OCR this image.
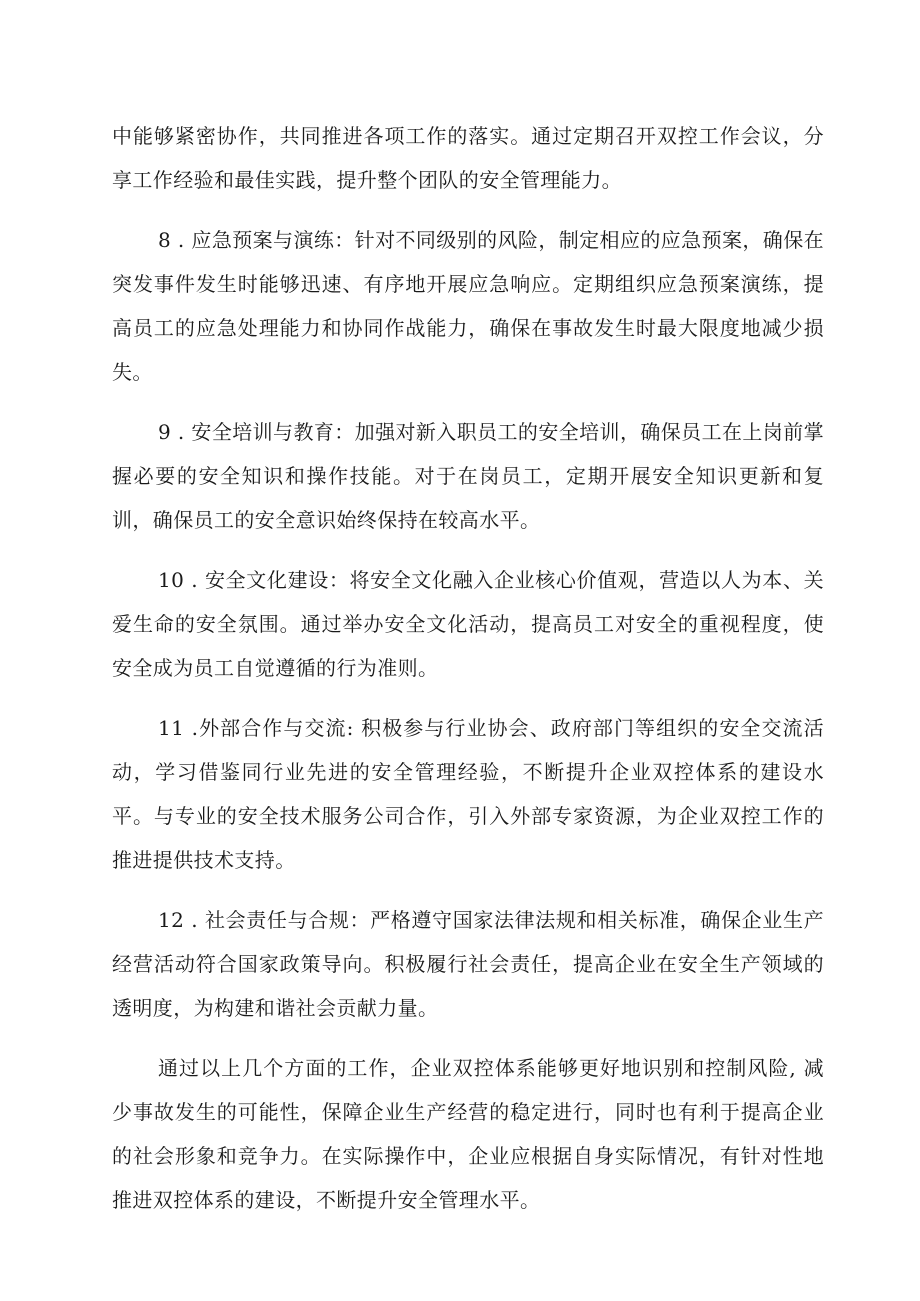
中能够紧密协作，共同推进各项工作的落实。通过定期召开双控工作会议，分享工作经验和最佳实践，提升整个团队的安全管理能力。

8 . 应急预案与演练：针对不同级别的风险，制定相应的应急预案，确保在突发事件发生时能够迅速、有序地开展应急响应。定期组织应急预案演练，提高员工的应急处理能力和协同作战能力，确保在事故发生时最大限度地减少损失。

9 . 安全培训与教育：加强对新入职员工的安全培训，确保员工在上岗前掌握必要的安全知识和操作技能。对于在岗员工，定期开展安全知识更新和复训，确保员工的安全意识始终保持在较高水平。

10 . 安全文化建设：将安全文化融入企业核心价值观，营造以人为本、关爱生命的安全氛围。通过举办安全文化活动，提高员工对安全的重视程度，使安全成为员工自觉遵循的行为准则。

11 .外部合作与交流: 积极参与行业协会、政府部门等组织的安全交流活动，学习借鉴同行业先进的安全管理经验，不断提升企业双控体系的建设水平。与专业的安全技术服务公司合作，引入外部专家资源，为企业双控工作的推进提供技术支持。

12 . 社会责任与合规：严格遵守国家法律法规和相关标准，确保企业生产经营活动符合国家政策导向。积极履行社会责任，提高企业在安全生产领域的透明度，为构建和谐社会贡献力量。

通过以上几个方面的工作，企业双控体系能够更好地识别和控制风险, 减少事故发生的可能性，保障企业生产经营的稳定进行，同时也有利于提高企业的社会形象和竞争力。在实际操作中，企业应根据自身实际情况，有针对性地推进双控体系的建设，不断提升安全管理水平。
